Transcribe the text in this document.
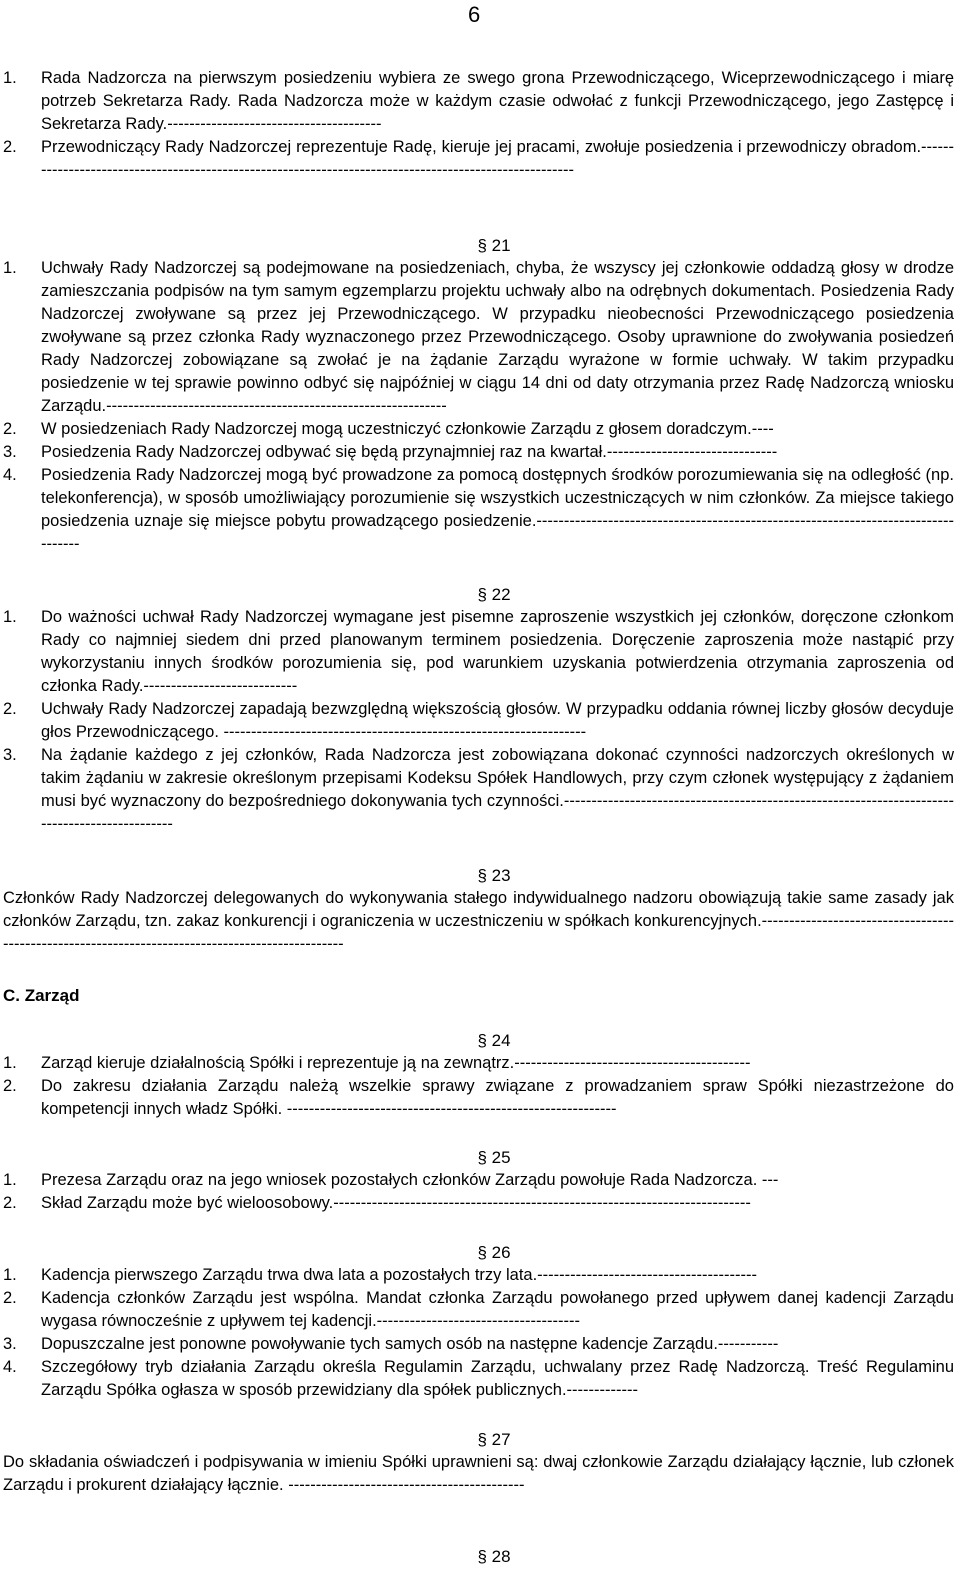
6
1. Rada Nadzorcza na pierwszym posiedzeniu wybiera ze swego grona Przewodniczącego, Wiceprzewodniczącego i miarę potrzeb Sekretarza Rady. Rada Nadzorcza może w każdym czasie odwołać z funkcji Przewodniczącego, jego Zastępcę i Sekretarza Rady.---------------------------------------
2. Przewodniczący Rady Nadzorczej reprezentuje Radę, kieruje jej pracami, zwołuje posiedzenia i przewodniczy obradom.-------------------------------------------------------------------------------------------------------
§ 21
1. Uchwały Rady Nadzorczej są podejmowane na posiedzeniach, chyba, że wszyscy jej członkowie oddadzą głosy w drodze zamieszczania podpisów na tym samym egzemplarzu projektu uchwały albo na odrębnych dokumentach. Posiedzenia Rady Nadzorczej zwoływane są przez jej Przewodniczącego. W przypadku nieobecności Przewodniczącego posiedzenia zwoływane są przez członka Rady wyznaczonego przez Przewodniczącego. Osoby uprawnione do zwoływania posiedzeń Rady Nadzorczej zobowiązane są zwołać je na żądanie Zarządu wyrażone w formie uchwały. W takim przypadku posiedzenie w tej sprawie powinno odbyć się najpóźniej w ciągu 14 dni od daty otrzymania przez Radę Nadzorczą wniosku Zarządu.--------------------------------------------------------------
2. W posiedzeniach Rady Nadzorczej mogą uczestniczyć członkowie Zarządu z głosem doradczym.----
3. Posiedzenia Rady Nadzorczej odbywać się będą przynajmniej raz na kwartał.-------------------------------
4. Posiedzenia Rady Nadzorczej mogą być prowadzone za pomocą dostępnych środków porozumiewania się na odległość (np. telekonferencja), w sposób umożliwiający porozumienie się wszystkich uczestniczących w nim członków. Za miejsce takiego posiedzenia uznaje się miejsce pobytu prowadzącego posiedzenie.-----------------------------------------------------------------------------------
§ 22
1. Do ważności uchwał Rady Nadzorczej wymagane jest pisemne zaproszenie wszystkich jej członków, doręczone członkom Rady co najmniej siedem dni przed planowanym terminem posiedzenia. Doręczenie zaproszenia może nastąpić przy wykorzystaniu innych środków porozumienia się, pod warunkiem uzyskania potwierdzenia otrzymania zaproszenia od członka Rady.----------------------------
2. Uchwały Rady Nadzorczej zapadają bezwzględną większością głosów. W przypadku oddania równej liczby głosów decyduje głos Przewodniczącego. ------------------------------------------------------------------
3. Na żądanie każdego z jej członków, Rada Nadzorcza jest zobowiązana dokonać czynności nadzorczych określonych w takim żądaniu w zakresie określonym przepisami Kodeksu Spółek Handlowych, przy czym członek występujący z żądaniem musi być wyznaczony do bezpośredniego dokonywania tych czynności.-----------------------------------------------------------------------------------------------
§ 23
Członków Rady Nadzorczej delegowanych do wykonywania stałego indywidualnego nadzoru obowiązują takie same zasady jak członków Zarządu, tzn. zakaz konkurencji i ograniczenia w uczestniczeniu w spółkach konkurencyjnych.-------------------------------------------------------------------------------------------------
C. Zarząd
§ 24
1. Zarząd kieruje działalnością Spółki i reprezentuje ją na zewnątrz.-------------------------------------------
2. Do zakresu działania Zarządu należą wszelkie sprawy związane z prowadzaniem spraw Spółki niezastrzeżone do kompetencji innych władz Spółki. ------------------------------------------------------------
§ 25
1. Prezesa Zarządu oraz na jego wniosek pozostałych członków Zarządu powołuje Rada Nadzorcza. ---
2. Skład Zarządu może być wieloosobowy.----------------------------------------------------------------------------
§ 26
1. Kadencja pierwszego Zarządu trwa dwa lata a pozostałych trzy lata.----------------------------------------
2. Kadencja członków Zarządu jest wspólna. Mandat członka Zarządu powołanego przed upływem danej kadencji Zarządu wygasa równocześnie z upływem tej kadencji.-------------------------------------
3. Dopuszczalne jest ponowne powoływanie tych samych osób na następne kadencje Zarządu.-----------
4. Szczegółowy tryb działania Zarządu określa Regulamin Zarządu, uchwalany przez Radę Nadzorczą. Treść Regulaminu Zarządu Spółka ogłasza w sposób przewidziany dla spółek publicznych.-------------
§ 27
Do składania oświadczeń i podpisywania w imieniu Spółki uprawnieni są: dwaj członkowie Zarządu działający łącznie, lub członek Zarządu i prokurent działający łącznie. -------------------------------------------
§ 28
